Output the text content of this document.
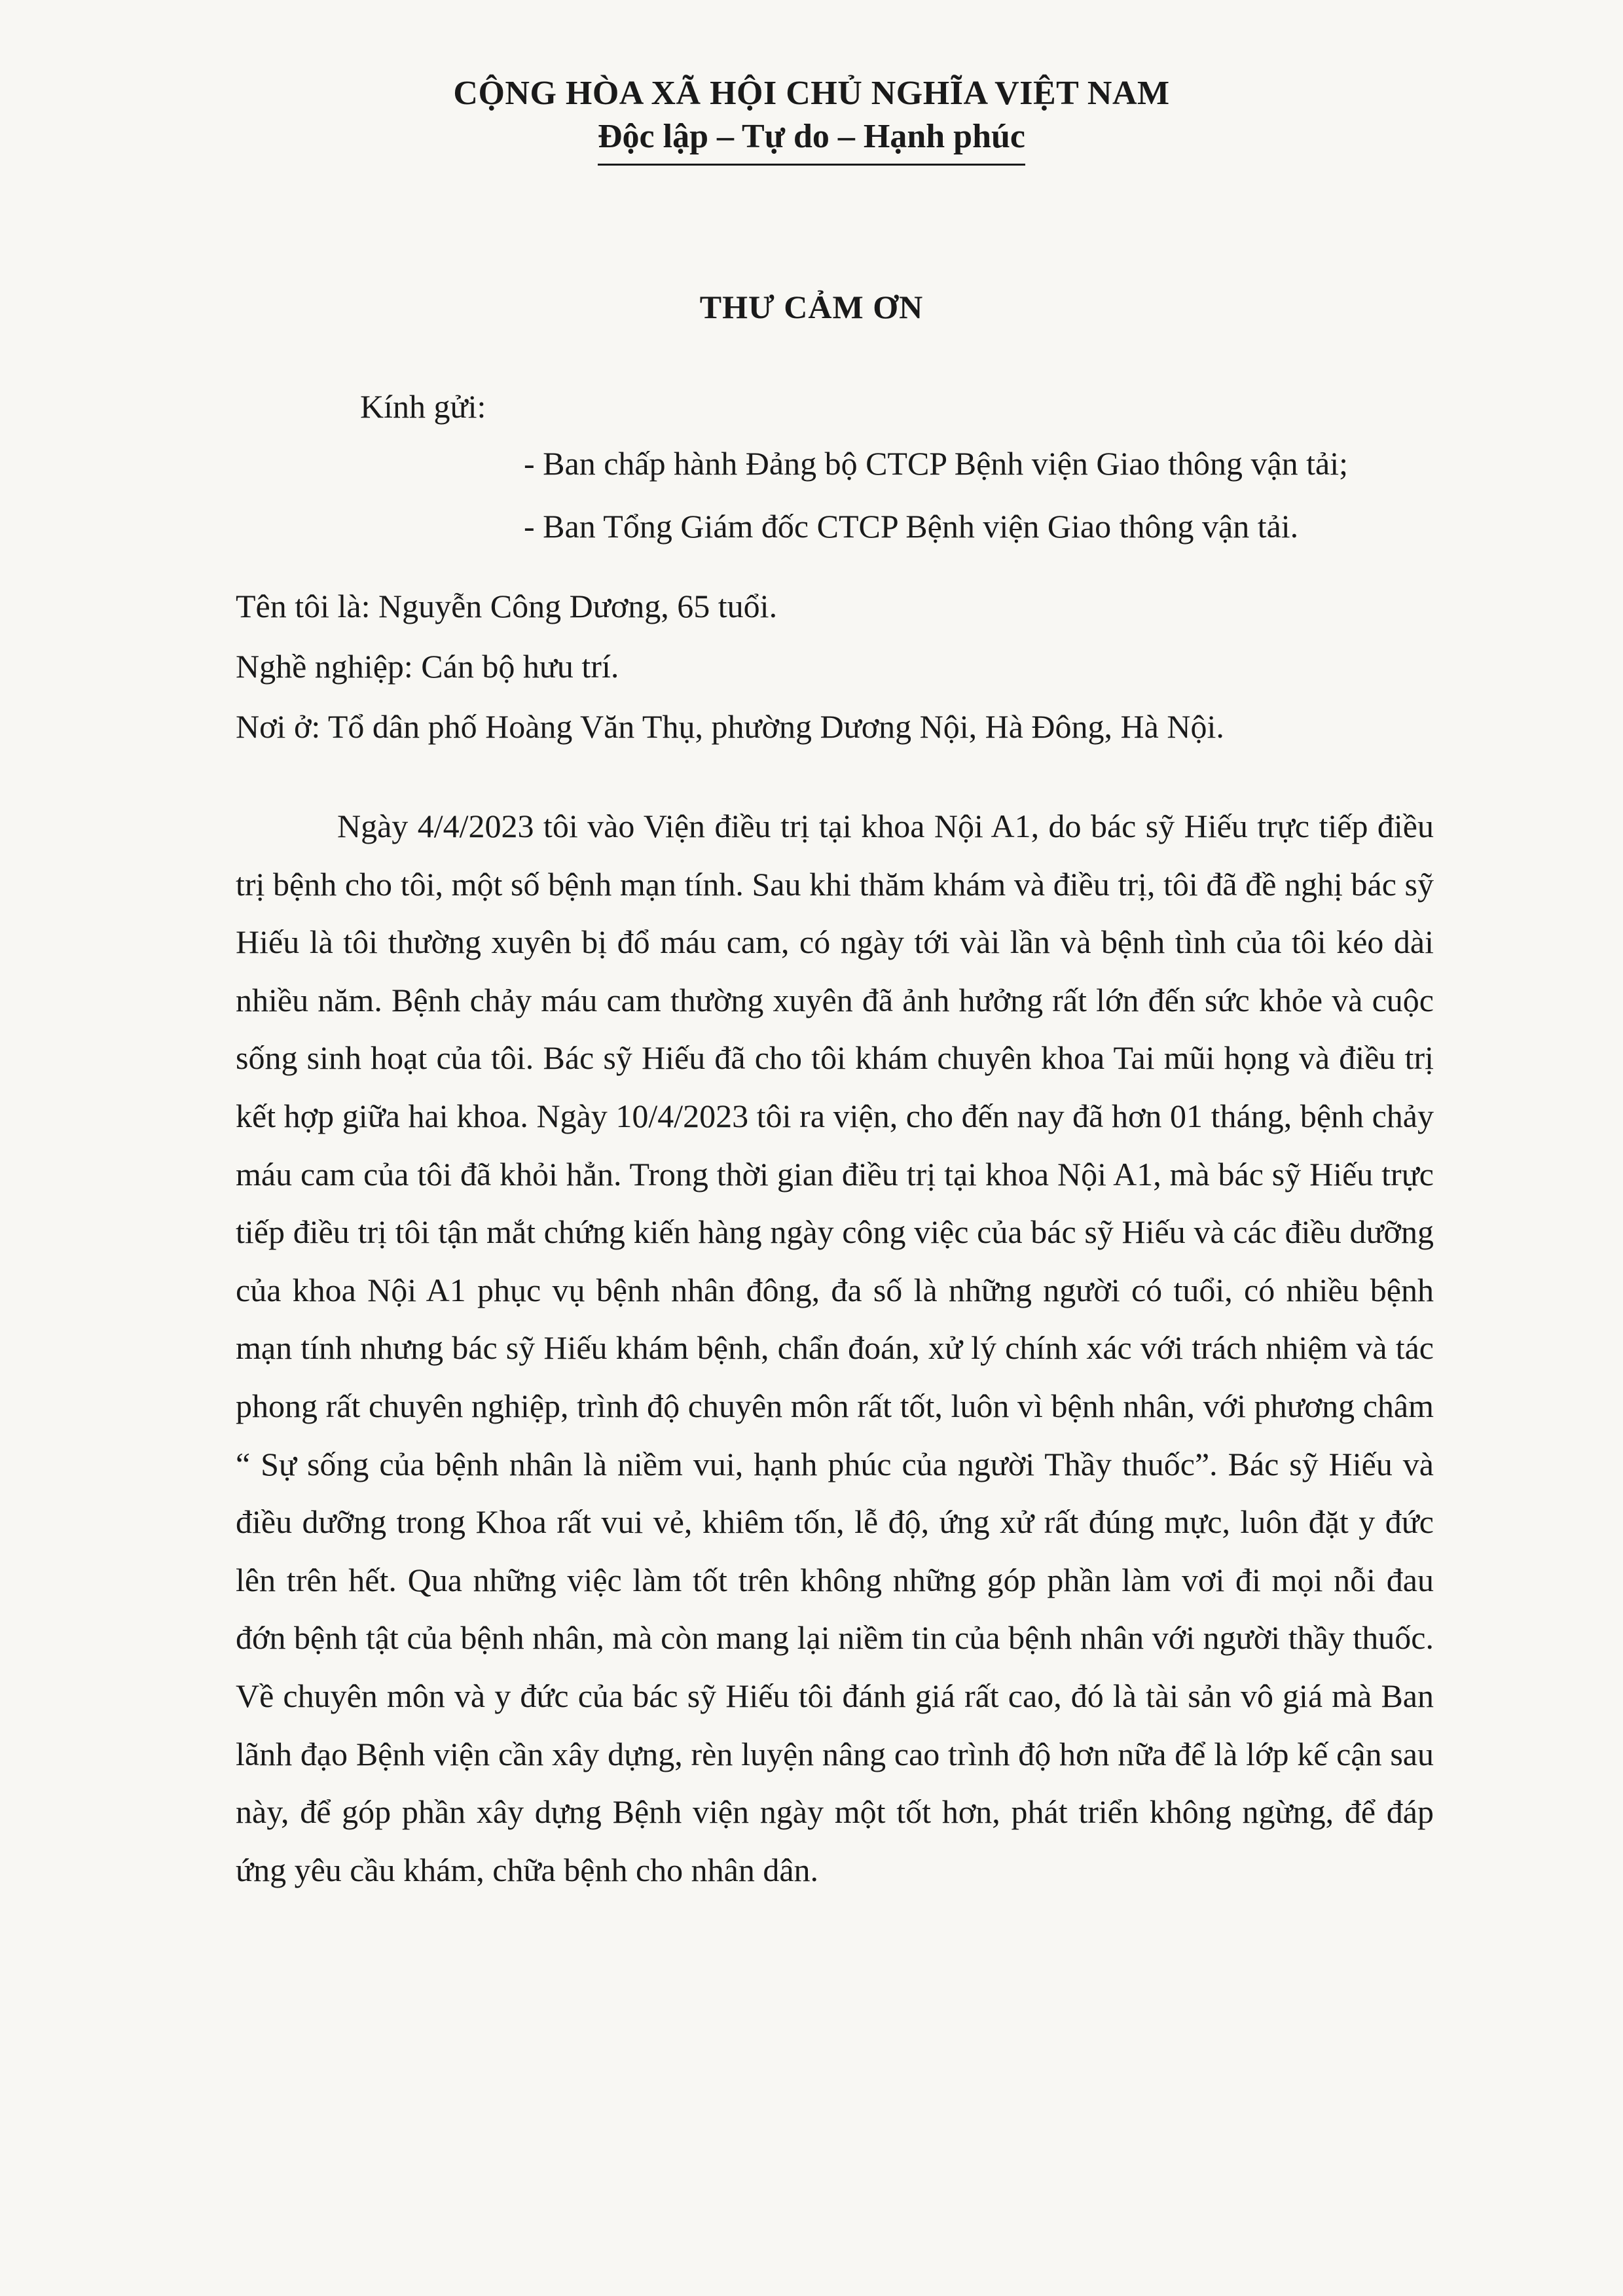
CỘNG HÒA XÃ HỘI CHỦ NGHĨA VIỆT NAM
Độc lập – Tự do – Hạnh phúc
THƯ CẢM ƠN
Kính gửi:
- Ban chấp hành Đảng bộ CTCP Bệnh viện Giao thông vận tải;
- Ban Tổng Giám đốc CTCP Bệnh viện Giao thông vận tải.
Tên tôi là: Nguyễn Công Dương, 65 tuổi.
Nghề nghiệp: Cán bộ hưu trí.
Nơi ở: Tổ dân phố Hoàng Văn Thụ, phường Dương Nội, Hà Đông, Hà Nội.
Ngày 4/4/2023 tôi vào Viện điều trị tại khoa Nội A1, do bác sỹ Hiếu trực tiếp điều trị bệnh cho tôi, một số bệnh mạn tính. Sau khi thăm khám và điều trị, tôi đã đề nghị bác sỹ Hiếu là tôi thường xuyên bị đổ máu cam, có ngày tới vài lần và bệnh tình của tôi kéo dài nhiều năm. Bệnh chảy máu cam thường xuyên đã ảnh hưởng rất lớn đến sức khỏe và cuộc sống sinh hoạt của tôi. Bác sỹ Hiếu đã cho tôi khám chuyên khoa Tai mũi họng và điều trị kết hợp giữa hai khoa. Ngày 10/4/2023 tôi ra viện, cho đến nay đã hơn 01 tháng, bệnh chảy máu cam của tôi đã khỏi hẳn. Trong thời gian điều trị tại khoa Nội A1, mà bác sỹ Hiếu trực tiếp điều trị tôi tận mắt chứng kiến hàng ngày công việc của bác sỹ Hiếu và các điều dưỡng của khoa Nội A1 phục vụ bệnh nhân đông, đa số là những người có tuổi, có nhiều bệnh mạn tính nhưng bác sỹ Hiếu khám bệnh, chẩn đoán, xử lý chính xác với trách nhiệm và tác phong rất chuyên nghiệp, trình độ chuyên môn rất tốt, luôn vì bệnh nhân, với phương châm “ Sự sống của bệnh nhân là niềm vui, hạnh phúc của người Thầy thuốc”. Bác sỹ Hiếu và điều dưỡng trong Khoa rất vui vẻ, khiêm tốn, lễ độ, ứng xử rất đúng mực, luôn đặt y đức lên trên hết. Qua những việc làm tốt trên không những góp phần làm vơi đi mọi nỗi đau đớn bệnh tật của bệnh nhân, mà còn mang lại niềm tin của bệnh nhân với người thầy thuốc. Về chuyên môn và y đức của bác sỹ Hiếu tôi đánh giá rất cao, đó là tài sản vô giá mà Ban lãnh đạo Bệnh viện cần xây dựng, rèn luyện nâng cao trình độ hơn nữa để là lớp kế cận sau này, để góp phần xây dựng Bệnh viện ngày một tốt hơn, phát triển không ngừng, để đáp ứng yêu cầu khám, chữa bệnh cho nhân dân.
